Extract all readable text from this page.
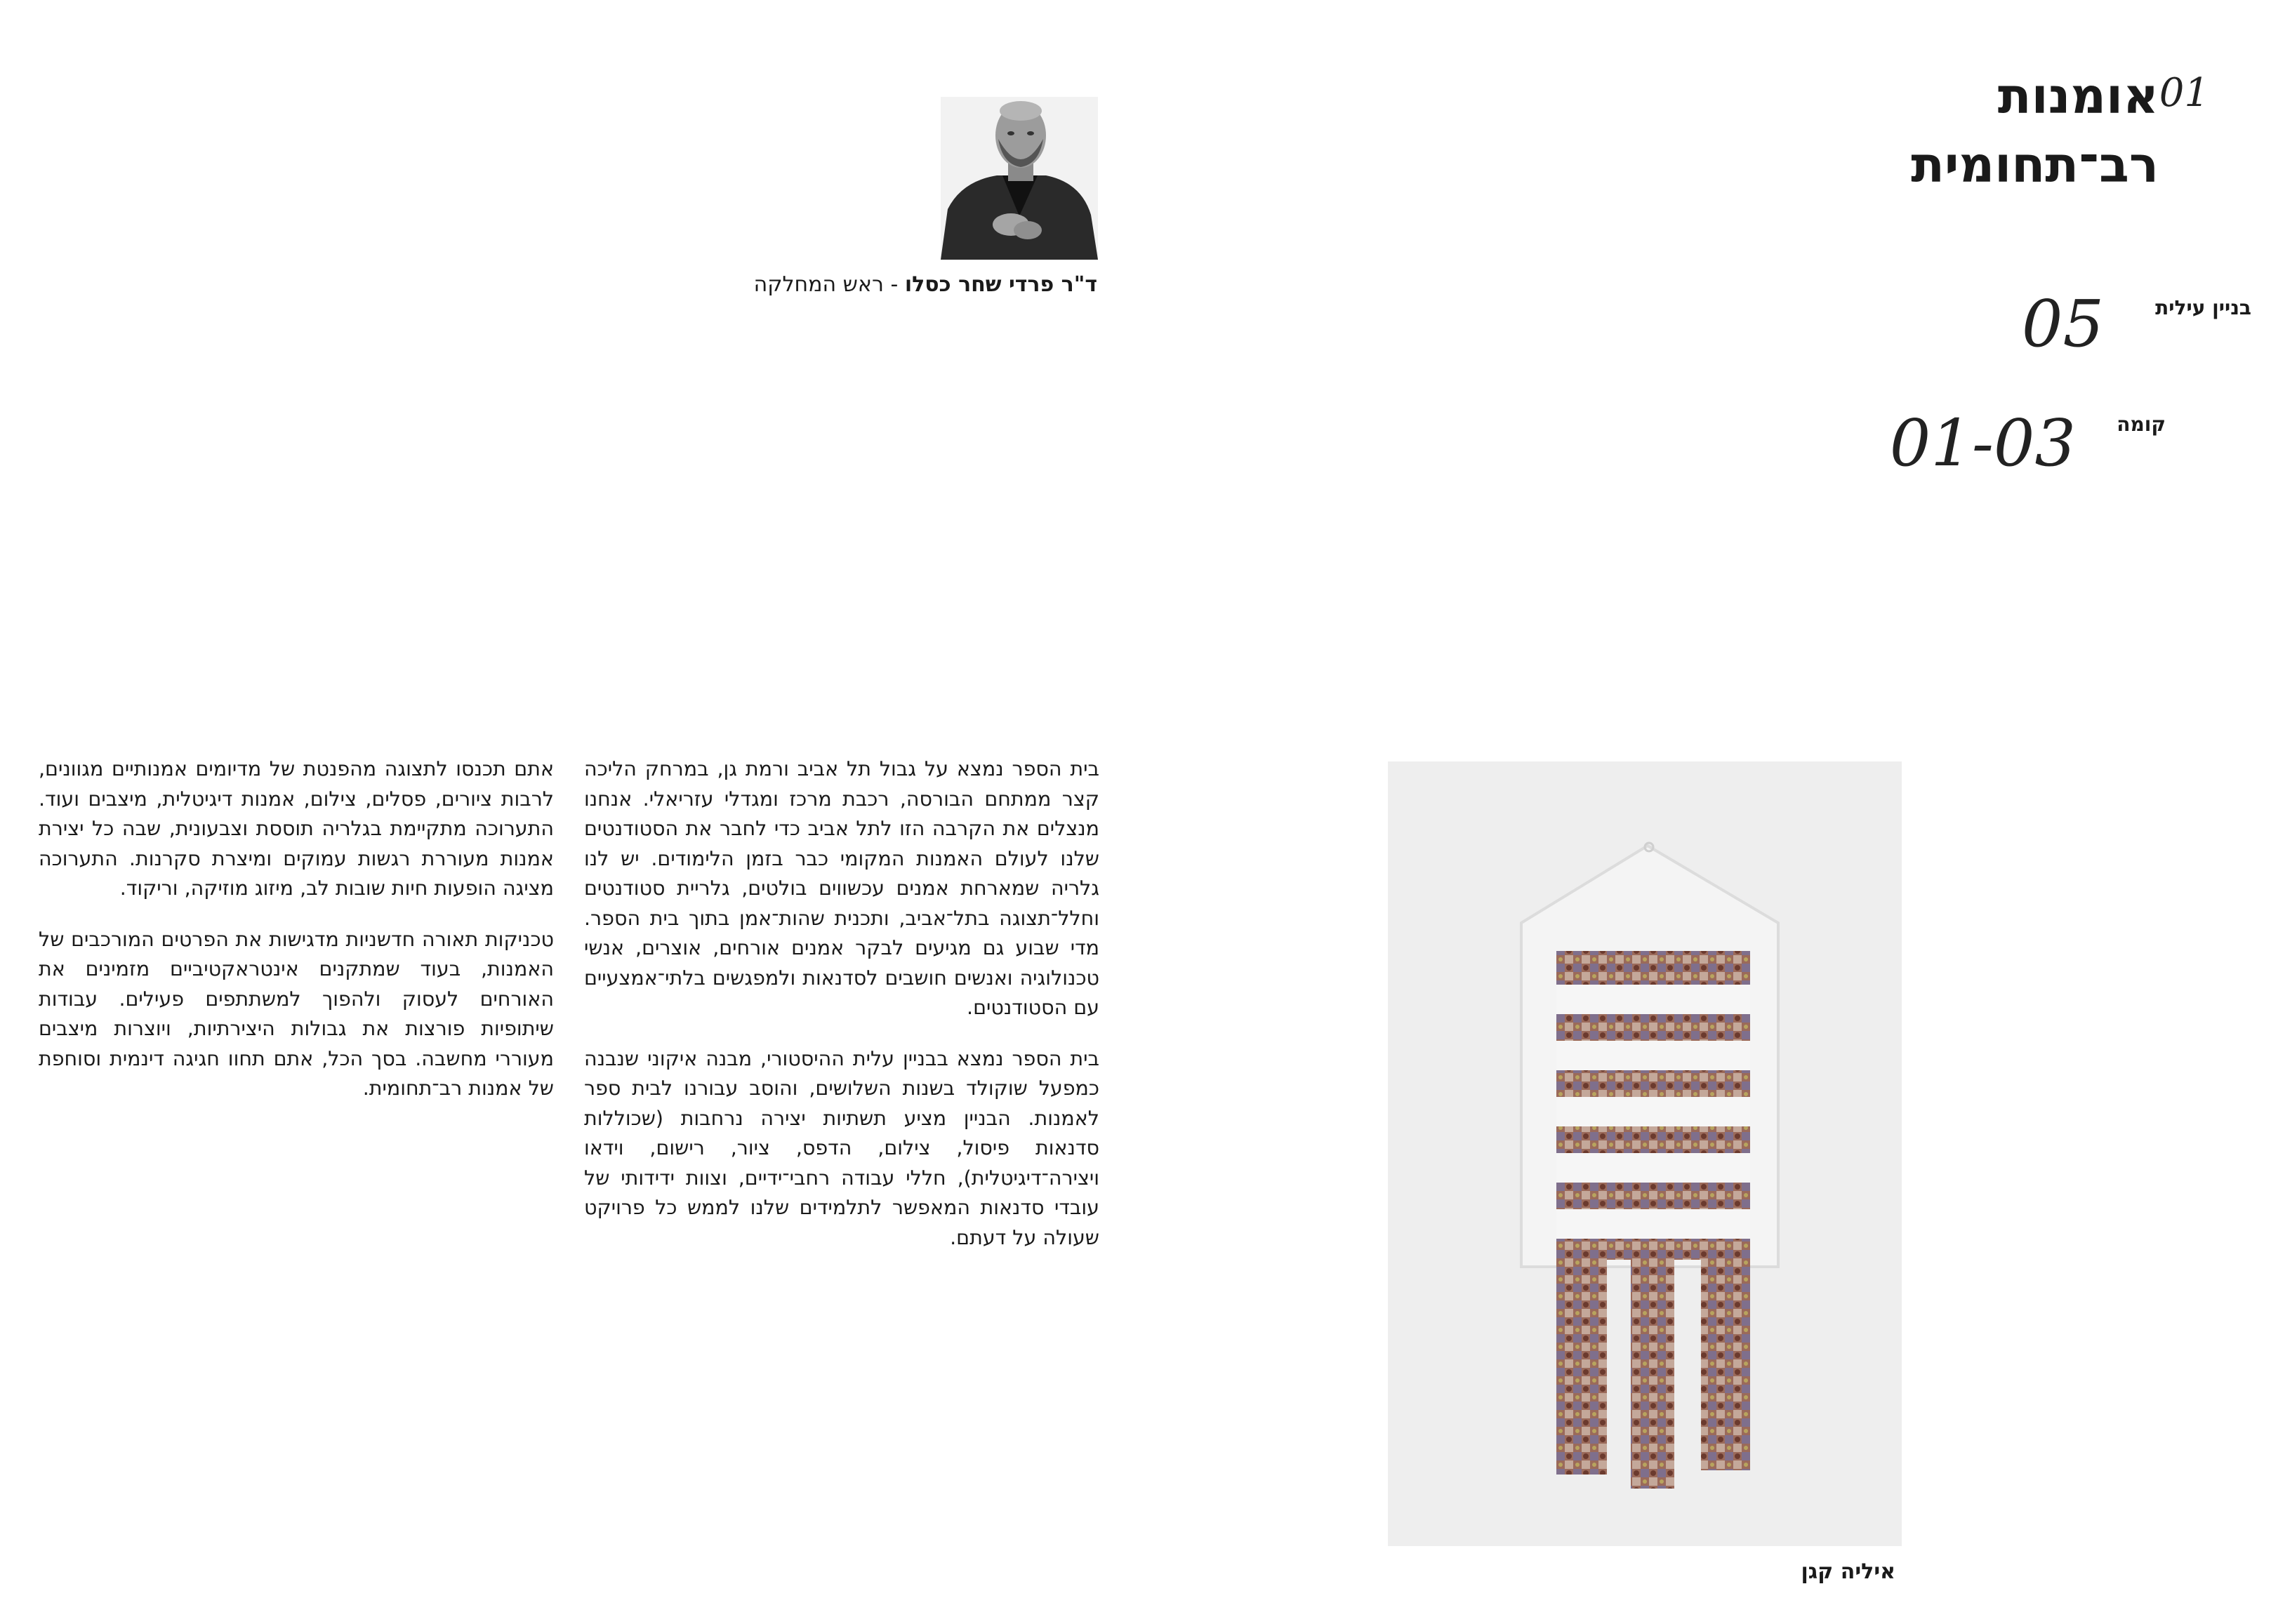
01
אומנות
רב־תחומית
בניין עילית
05
קומה
01-03
ד"ר פרדי שחר כסלו - ראש המחלקה

בית הספר נמצא על גבול תל אביב ורמת גן, במרחק הליכה קצר ממתחם הבורסה, רכבת מרכז ומגדלי עזריאלי. אנחנו מנצלים את הקרבה הזו לתל אביב כדי לחבר את הסטודנטים שלנו לעולם האמנות המקומי כבר בזמן הלימודים. יש לנו גלריה שמארחת אמנים עכשווים בולטים, גלריית סטודנטים וחלל־תצוגה בתל־אביב, ותכנית שהות־אמן בתוך בית הספר. מדי שבוע גם מגיעים לבקר אמנים אורחים, אוצרים, אנשי טכנולוגיה ואנשים חושבים לסדנאות ולמפגשים בלתי־אמצעיים עם הסטודנטים.

בית הספר נמצא בבניין עלית ההיסטורי, מבנה איקוני שנבנה כמפעל שוקולד בשנות השלושים, והוסב עבורנו לבית ספר לאמנות. הבניין מציע תשתיות יצירה נרחבות (שכוללות סדנאות פיסול, צילום, הדפס, ציור, רישום, וידאו ויצירה־דיגיטלית), חללי עבודה רחבי־ידיים, וצוות ידידותי של עובדי סדנאות המאפשר לתלמידים שלנו לממש כל פרויקט שעולה על דעתם.

אתם תכנסו לתצוגה מהפנטת של מדיומים אמנותיים מגוונים, לרבות ציורים, פסלים, צילום, אמנות דיגיטלית, מיצבים ועוד. התערוכה מתקיימת בגלריה תוססת וצבעונית, שבה כל יצירת אמנות מעוררת רגשות עמוקים ומיצרת סקרנות. התערוכה מציגה הופעות חיות שובות לב, מיזוג מוזיקה, וריקוד.

טכניקות תאורה חדשניות מדגישות את הפרטים המורכבים של האמנות, בעוד שמתקנים אינטראקטיביים מזמינים את האורחים לעסוק ולהפוך למשתתפים פעילים. עבודות שיתופיות פורצות את גבולות היצירתיות, ויוצרות מיצבים מעוררי מחשבה. בסך הכל, אתם תחוו חגיגה דינמית וסוחפת של אמנות רב־תחומית.

איליה קגן
